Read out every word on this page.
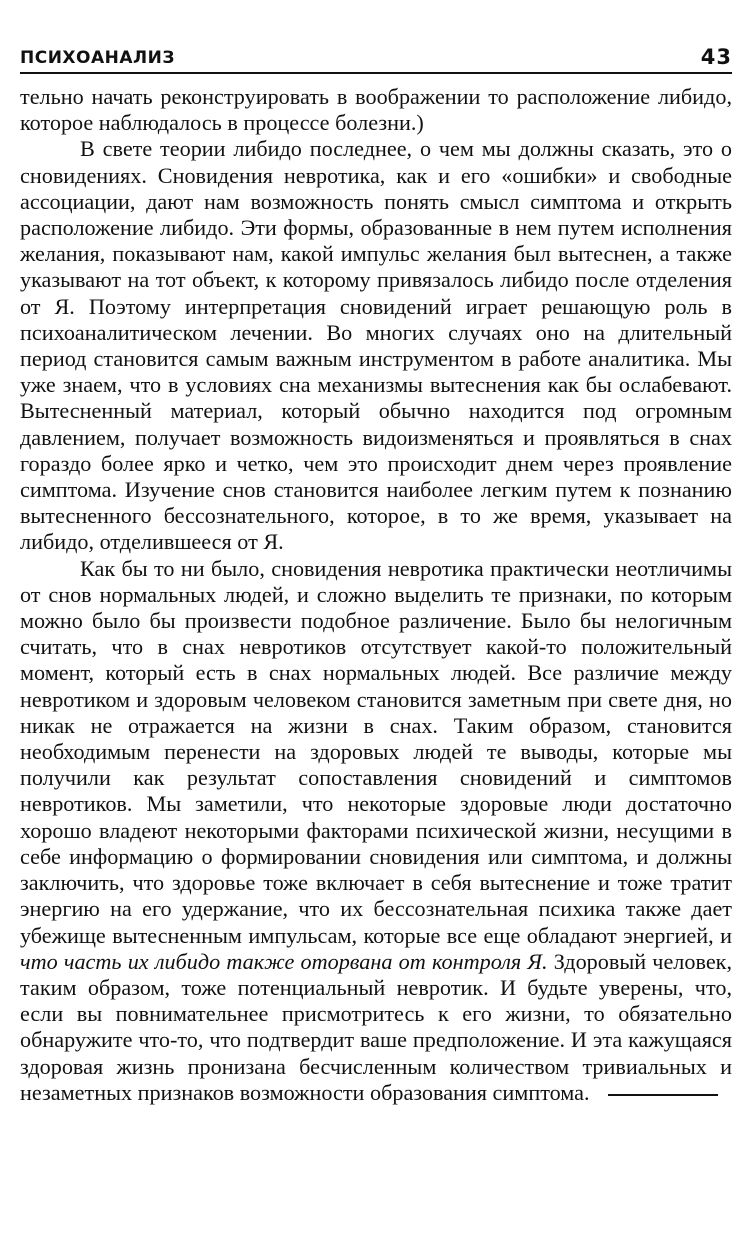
ПСИХОАНАЛИЗ	43

тельно начать реконструировать в воображении то расположение либидо, которое наблюдалось в процессе болезни.)

В свете теории либидо последнее, о чем мы должны сказать, это о сновидениях. Сновидения невротика, как и его «ошибки» и свободные ассоциации, дают нам возможность понять смысл симптома и открыть расположение либидо. Эти формы, образованные в нем путем исполнения желания, показывают нам, какой импульс желания был вытеснен, а также указывают на тот объект, к которому привязалось либидо после отделения от Я. Поэтому интерпретация сновидений играет решающую роль в психоаналитическом лечении. Во многих случаях оно на длительный период становится самым важным инструментом в работе аналитика. Мы уже знаем, что в условиях сна механизмы вытеснения как бы ослабевают. Вытесненный материал, который обычно находится под огромным давлением, получает возможность видоизменяться и проявляться в снах гораздо более ярко и четко, чем это происходит днем через проявление симптома. Изучение снов становится наиболее легким путем к познанию вытесненного бессознательного, которое, в то же время, указывает на либидо, отделившееся от Я.

Как бы то ни было, сновидения невротика практически неотличимы от снов нормальных людей, и сложно выделить те признаки, по которым можно было бы произвести подобное различение. Было бы нелогичным считать, что в снах невротиков отсутствует какой-то положительный момент, который есть в снах нормальных людей. Все различие между невротиком и здоровым человеком становится заметным при свете дня, но никак не отражается на жизни в снах. Таким образом, становится необходимым перенести на здоровых людей те выводы, которые мы получили как результат сопоставления сновидений и симптомов невротиков. Мы заметили, что некоторые здоровые люди достаточно хорошо владеют некоторыми факторами психической жизни, несущими в себе информацию о формировании сновидения или симптома, и должны заключить, что здоровье тоже включает в себя вытеснение и тоже тратит энергию на его удержание, что их бессознательная психика также дает убежище вытесненным импульсам, которые все еще обладают энергией, и что часть их либидо также оторвана от контроля Я. Здоровый человек, таким образом, тоже потенциальный невротик. И будьте уверены, что, если вы повнимательнее присмотритесь к его жизни, то обязательно обнаружите что-то, что подтвердит ваше предположение. И эта кажущаяся здоровая жизнь пронизана бесчисленным количеством тривиальных и незаметных признаков возможности образования симптома.
